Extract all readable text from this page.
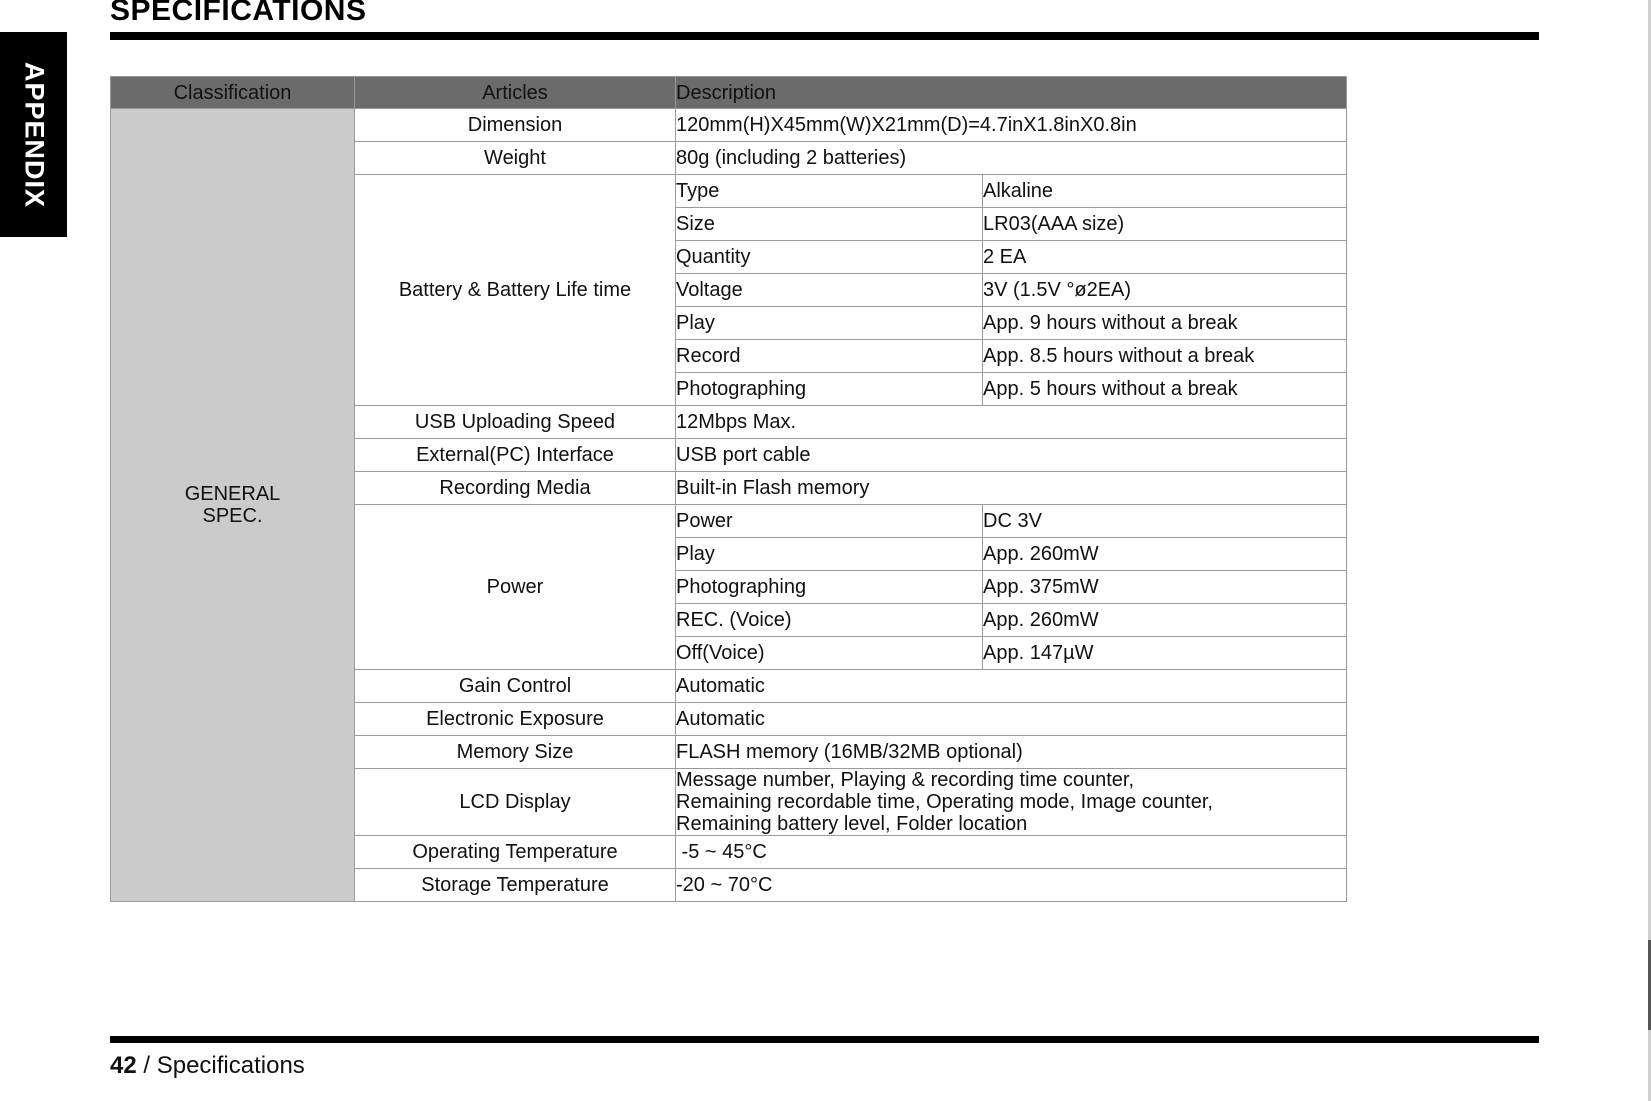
APPENDIX
SPECIFICATIONS
Classification	Articles	Description	

GENERAL
SPEC.	Dimension	120mm(H)X45mm(W)X21mm(D)=4.7inX1.8inX0.8in	
	Weight	80g (including 2 batteries)	
	Battery & Battery Life time	Type	Alkaline
		Size	LR03(AAA size)
		Quantity	2 EA
		Voltage	3V (1.5V °ø2EA)
		Play	App. 9 hours without a break
		Record	App. 8.5 hours without a break
		Photographing	App. 5 hours without a break
	USB Uploading Speed	12Mbps Max.	
	External(PC) Interface	USB port cable	
	Recording Media	Built-in Flash memory	
	Power	Power	DC 3V
		Play	App. 260mW
		Photographing	App. 375mW
		REC. (Voice)	App. 260mW
		Off(Voice)	App. 147µW
	Gain Control	Automatic	
	Electronic Exposure	Automatic	
	Memory Size	FLASH memory (16MB/32MB optional)	
	LCD Display	Message number, Playing & recording time counter,
Remaining recordable time, Operating mode, Image counter,
Remaining battery level, Folder location	

	Operating Temperature	-5 ~ 45°C	
	Storage Temperature	-20 ~ 70°C	
42 / Specifications
